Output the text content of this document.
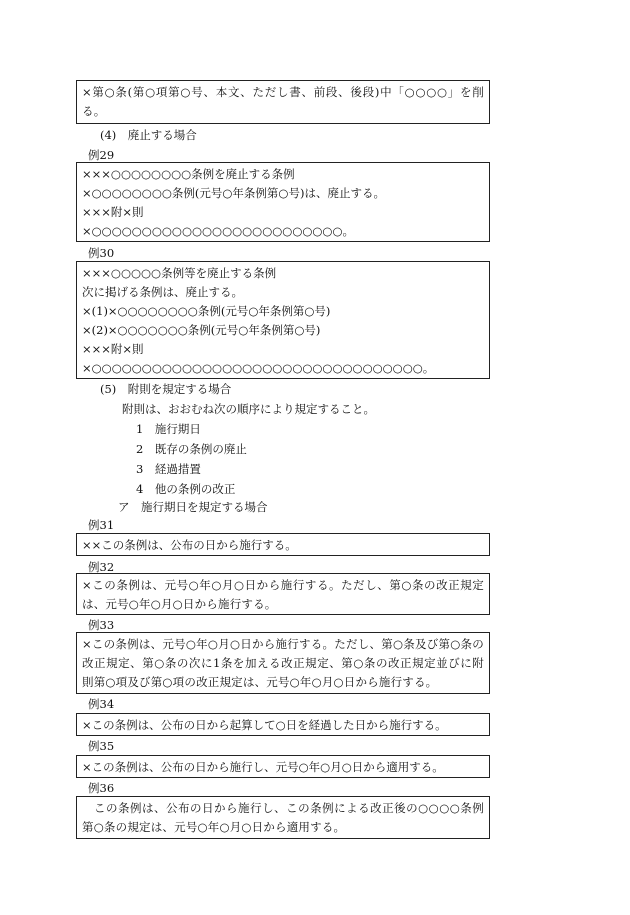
×第○条(第○項第○号、本文、ただし書、前段、後段)中「○○○○」を削る。
(4)　廃止する場合
例29
×××○○○○○○○○条例を廃止する条例
×○○○○○○○○条例(元号○年条例第○号)は、廃止する。
×××附×則
×○○○○○○○○○○○○○○○○○○○○○○○○○。
例30
×××○○○○○条例等を廃止する条例
次に掲げる条例は、廃止する。
×(1)×○○○○○○○○条例(元号○年条例第○号)
×(2)×○○○○○○○条例(元号○年条例第○号)
×××附×則
×○○○○○○○○○○○○○○○○○○○○○○○○○○○○○○○○○。
(5)　附則を規定する場合
附則は、おおむね次の順序により規定すること。
1　施行期日
2　既存の条例の廃止
3　経過措置
4　他の条例の改正
ア　施行期日を規定する場合
例31
××この条例は、公布の日から施行する。
例32
×この条例は、元号○年○月○日から施行する。ただし、第○条の改正規定は、元号○年○月○日から施行する。
例33
×この条例は、元号○年○月○日から施行する。ただし、第○条及び第○条の改正規定、第○条の次に1条を加える改正規定、第○条の改正規定並びに附則第○項及び第○項の改正規定は、元号○年○月○日から施行する。
例34
×この条例は、公布の日から起算して○日を経過した日から施行する。
例35
×この条例は、公布の日から施行し、元号○年○月○日から適用する。
例36
　この条例は、公布の日から施行し、この条例による改正後の○○○○条例第○条の規定は、元号○年○月○日から適用する。
